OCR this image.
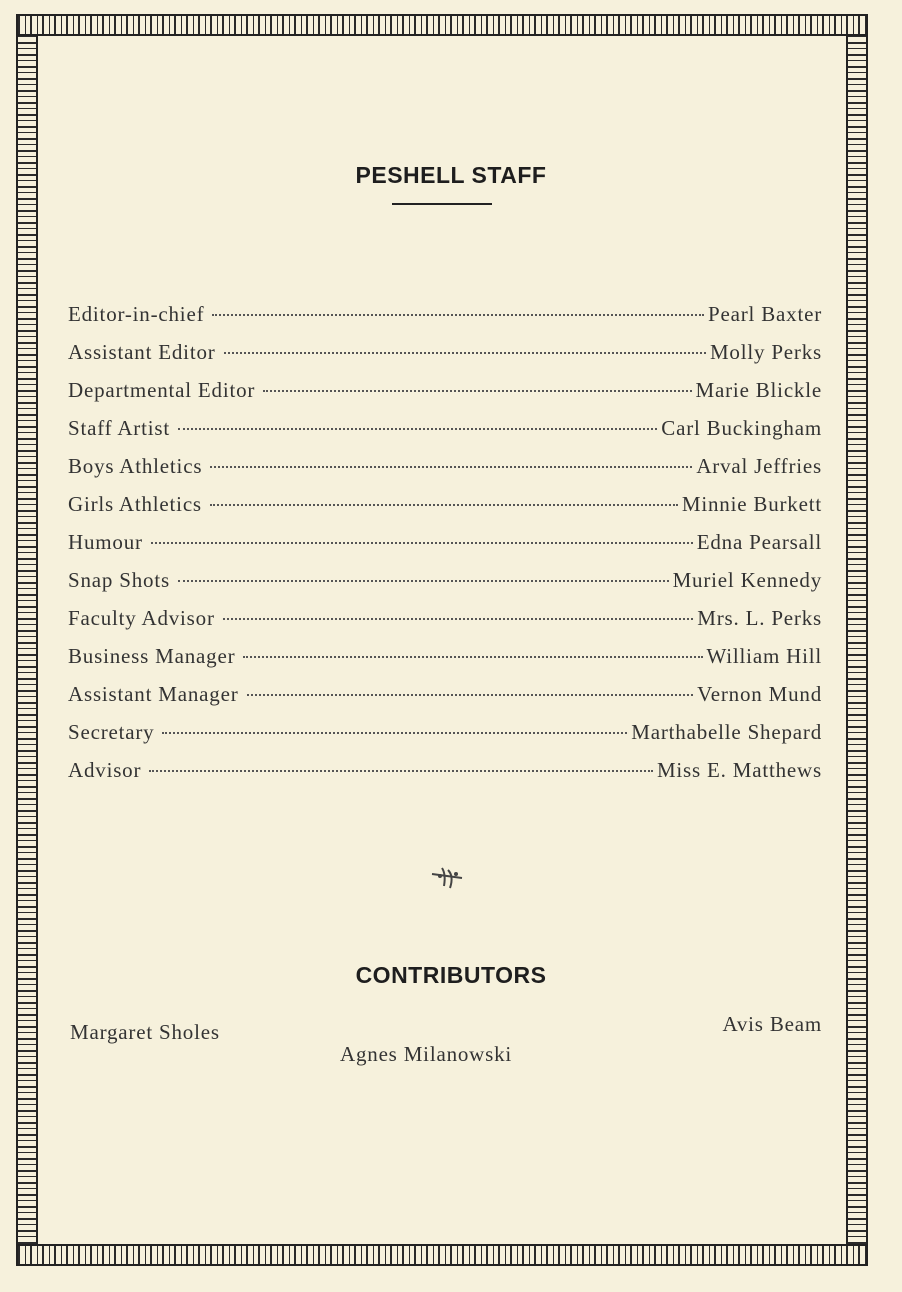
PESHELL STAFF
Editor-in-chief	Pearl Baxter
Assistant Editor	Molly Perks
Departmental Editor	Marie Blickle
Staff Artist	Carl Buckingham
Boys Athletics	Arval Jeffries
Girls Athletics	Minnie Burkett
Humour	Edna Pearsall
Snap Shots	Muriel Kennedy
Faculty Advisor	Mrs. L. Perks
Business Manager	William Hill
Assistant Manager	Vernon Mund
Secretary	Marthabelle Shepard
Advisor	Miss E. Matthews
CONTRIBUTORS
Margaret Sholes
Agnes Milanowski
Avis Beam
